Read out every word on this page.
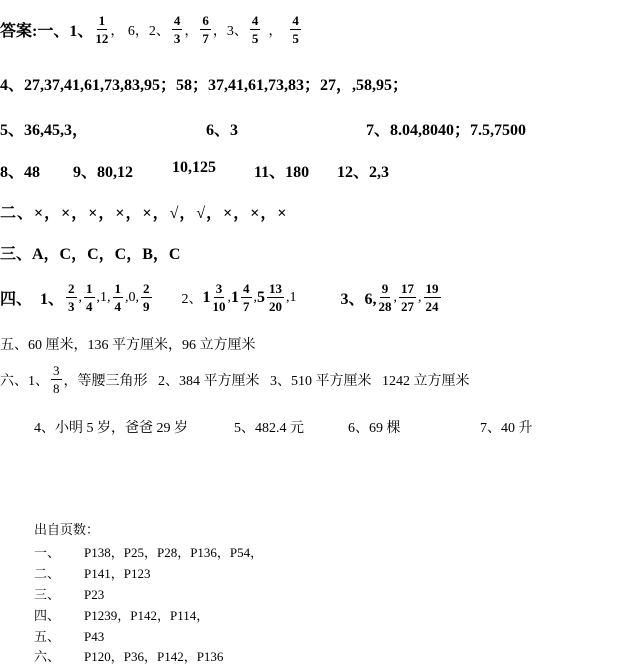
答案:一、1、 $\frac{1}{12}$ ， 6，2、 $\frac{4}{3}$ ， $\frac{6}{7}$ ，3、 $\frac{4}{5}$ ， $\frac{4}{5}$
4、27,37,41,61,73,83,95；58；37,41,61,73,83；27，,58,95；
5、36,45,3，	6、3	7、8.04,8040；7.5,7500
8、48 9、80,12 10,125 11、180 12、2,3
二、×，×，×，×，×，√，√，×，×，×
三、A，C，C，C，B，C
四、  1、 $\frac{2}{3}$ , $\frac{1}{4} ,1$, $\frac{1}{4} ,0$, $\frac{2}{9} 2$、 $1 \frac{3}{10}$ , $1 \frac{4}{7}$ , $5 \frac{13}{20} ,1$	3、6, $\frac{9}{28}$ , $\frac{17}{27}$ , $\frac{19}{24}$
五、60 厘米，136 平方厘米，96 立方厘米
六、1、 $\frac{3}{8}$ ，等腰三角形   2、384 平方厘米   3、510 平方厘米   1242 立方厘米
4、小明 5 岁，爸爸 29 岁	5、482.4 元	6、69 棵	7、40 升
出自页数：
一、 P138，P25，P28，P136，P54，
二、 P141，P123
三、 P23
四、 P1239，P142，P114，
五、 P43
六、 P120，P36，P142，P136
